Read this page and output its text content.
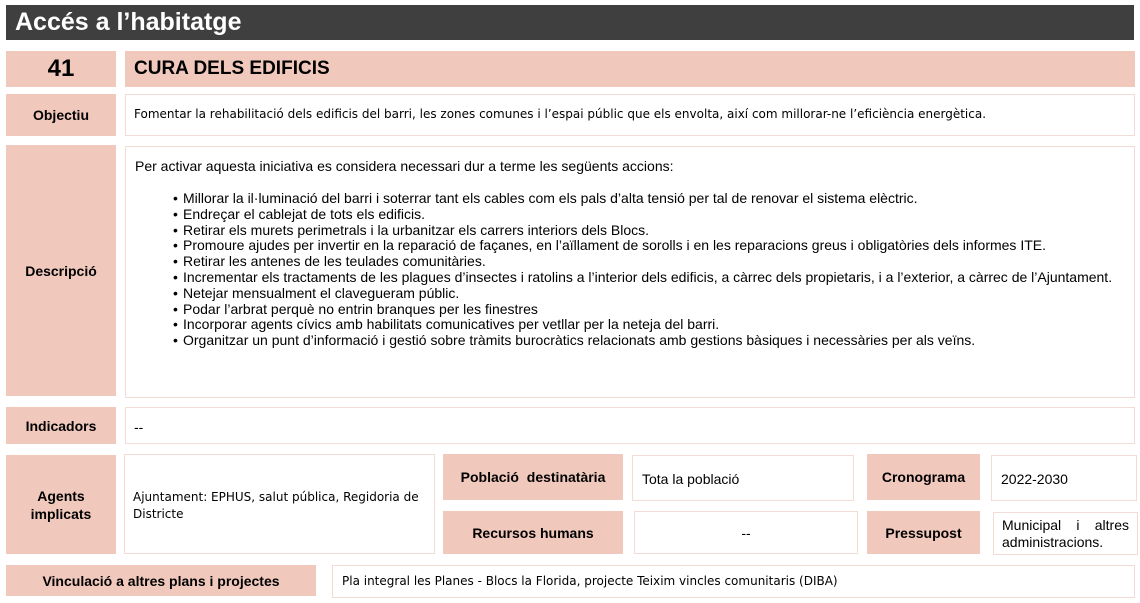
Accés a l’habitatge
41	CURA DELS EDIFICIS
Objectiu	Fomentar la rehabilitació dels edificis del barri, les zones comunes i l’espai públic que els envolta, així com millorar-ne l’eficiència energètica.
Descripció
Per activar aquesta iniciativa es considera necessari dur a terme les següents accions:
• Millorar la il·luminació del barri i soterrar tant els cables com els pals d’alta tensió per tal de renovar el sistema elèctric.
• Endreçar el cablejat de tots els edificis.
• Retirar els murets perimetrals i la urbanitzar els carrers interiors dels Blocs.
• Promoure ajudes per invertir en la reparació de façanes, en l’aïllament de sorolls i en les reparacions greus i obligatòries dels informes ITE.
• Retirar les antenes de les teulades comunitàries.
• Incrementar els tractaments de les plagues d’insectes i ratolins a l’interior dels edificis, a càrrec dels propietaris, i a l’exterior, a càrrec de l’Ajuntament.
• Netejar mensualment el clavegueram públic.
• Podar l’arbrat perquè no entrin branques per les finestres
• Incorporar agents cívics amb habilitats comunicatives per vetllar per la neteja del barri.
• Organitzar un punt d’informació i gestió sobre tràmits burocràtics relacionats amb gestions bàsiques i necessàries per als veïns.
Indicadors	--
Agents implicats
Ajuntament: EPHUS, salut pública, Regidoria de Districte
Població  destinatària	Tota la població	Cronograma	2022-2030
Recursos humans	--	Pressupost	Municipal i altres administracions.
Vinculació a altres plans i projectes	Pla integral les Planes - Blocs la Florida, projecte Teixim vincles comunitaris (DIBA)
